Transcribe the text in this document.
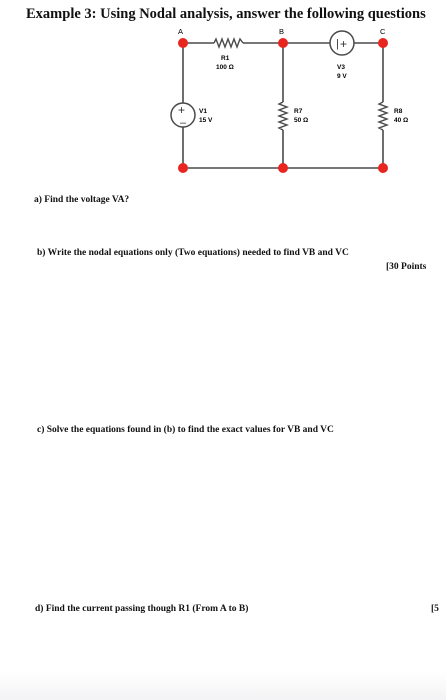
Example 3: Using Nodal analysis, answer the following questions
| +
+
–
A	B	C
R1
100 Ω	V3
9 V
V1
15 V
R7
50 Ω
R8
40 Ω
a) Find the voltage VA?
b) Write the nodal equations only (Two equations) needed to find VB and VC
[30 Points
c) Solve the equations found in (b) to find the exact values for VB and VC
d) Find the current passing though R1 (From A to B)	[5
